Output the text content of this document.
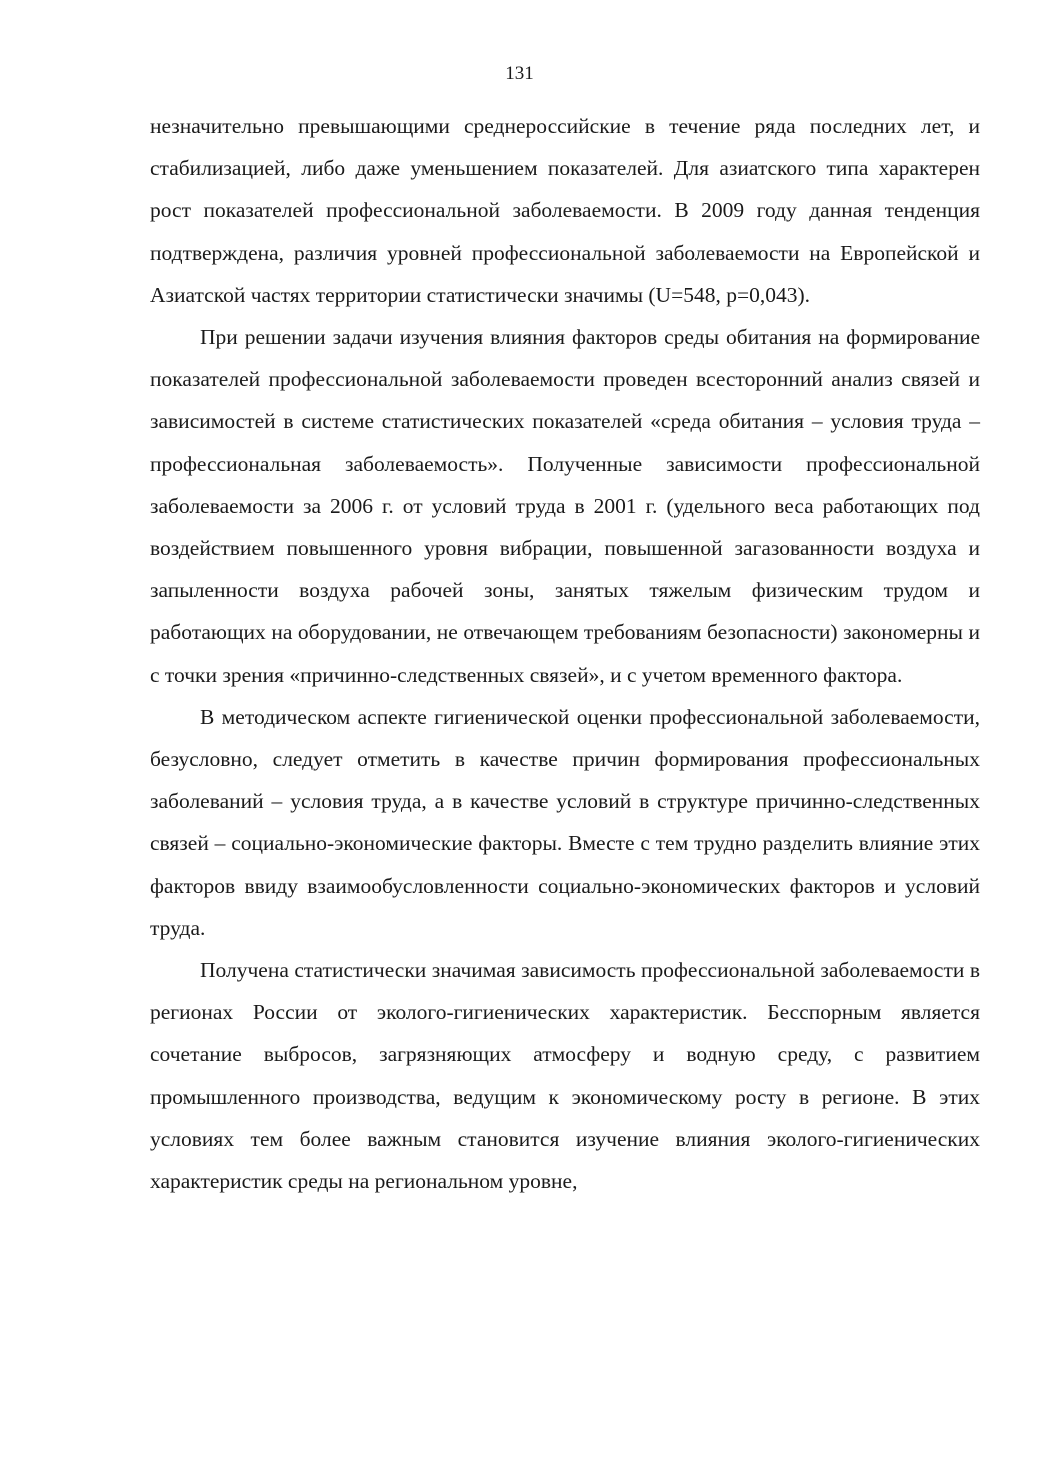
131

незначительно превышающими среднероссийские в течение ряда последних лет, и стабилизацией, либо даже уменьшением показателей. Для азиатского типа характерен рост показателей профессиональной заболеваемости. В 2009 году данная тенденция подтверждена, различия уровней профессиональной заболеваемости на Европейской и Азиатской частях территории статистически значимы (U=548, p=0,043).

При решении задачи изучения влияния факторов среды обитания на формирование показателей профессиональной заболеваемости проведен всесторонний анализ связей и зависимостей в системе статистических показателей «среда обитания – условия труда – профессиональная заболеваемость». Полученные зависимости профессиональной заболеваемости за 2006 г. от условий труда в 2001 г. (удельного веса работающих под воздействием повышенного уровня вибрации, повышенной загазованности воздуха и запыленности воздуха рабочей зоны, занятых тяжелым физическим трудом и работающих на оборудовании, не отвечающем требованиям безопасности) закономерны и с точки зрения «причинно-следственных связей», и с учетом временного фактора.

В методическом аспекте гигиенической оценки профессиональной заболеваемости, безусловно, следует отметить в качестве причин формирования профессиональных заболеваний – условия труда, а в качестве условий в структуре причинно-следственных связей – социально-экономические факторы. Вместе с тем трудно разделить влияние этих факторов ввиду взаимообусловленности социально-экономических факторов и условий труда.

Получена статистически значимая зависимость профессиональной заболеваемости в регионах России от эколого-гигиенических характеристик. Бесспорным является сочетание выбросов, загрязняющих атмосферу и водную среду, с развитием промышленного производства, ведущим к экономическому росту в регионе. В этих условиях тем более важным становится изучение влияния эколого-гигиенических характеристик среды на региональном уровне,
